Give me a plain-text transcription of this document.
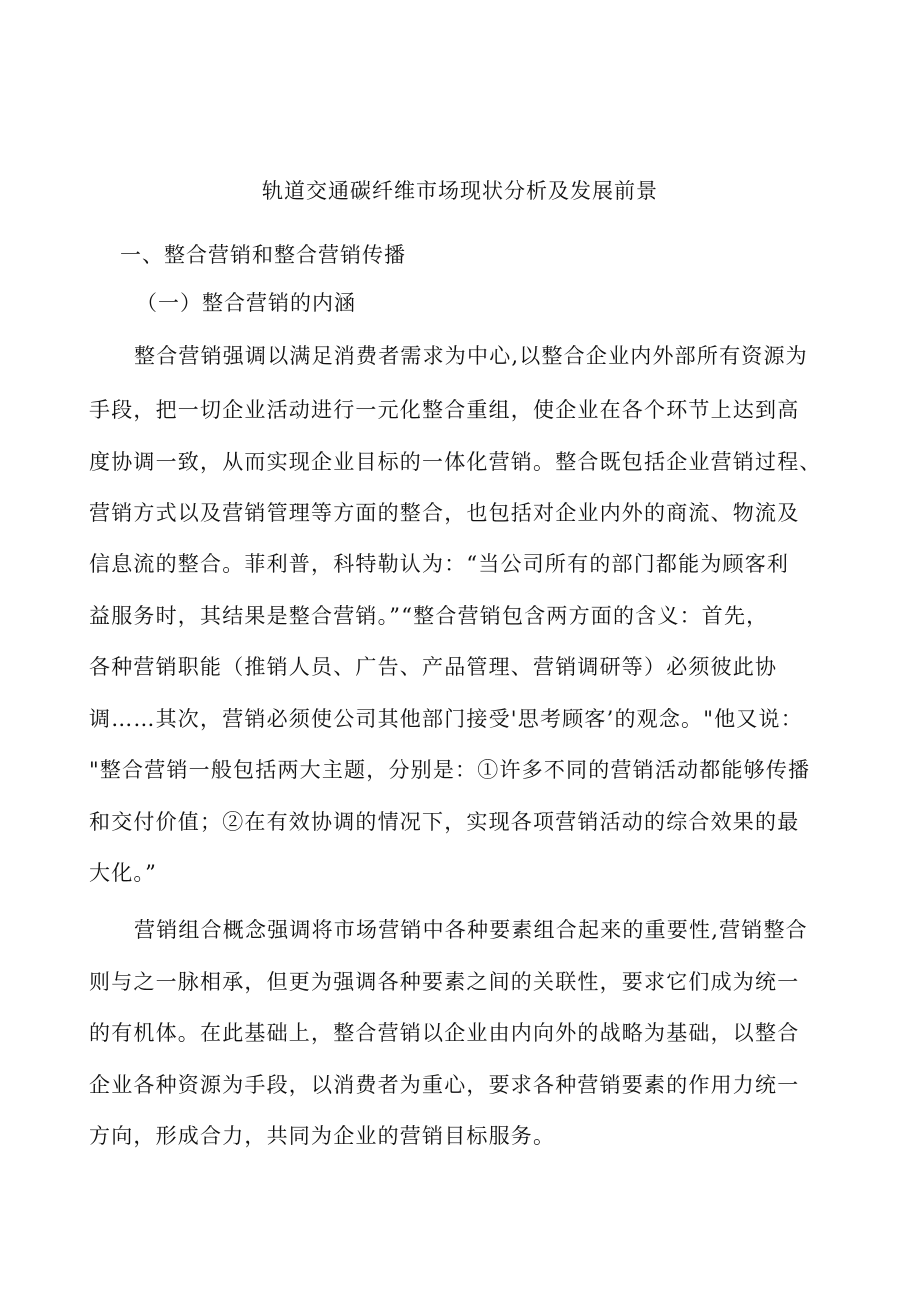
轨道交通碳纤维市场现状分析及发展前景
一、整合营销和整合营销传播
（一）整合营销的内涵
整合营销强调以满足消费者需求为中心,以整合企业内外部所有资源为
手段，把一切企业活动进行一元化整合重组，使企业在各个环节上达到高
度协调一致，从而实现企业目标的一体化营销。整合既包括企业营销过程、
营销方式以及营销管理等方面的整合，也包括对企业内外的商流、物流及
信息流的整合。菲利普，科特勒认为：“当公司所有的部门都能为顾客利
益服务时，其结果是整合营销。”“整合营销包含两方面的含义：首先，
各种营销职能（推销人员、广告、产品管理、营销调研等）必须彼此协
调……其次，营销必须使公司其他部门接受'思考顾客’的观念。"他又说：
"整合营销一般包括两大主题，分别是：①许多不同的营销活动都能够传播
和交付价值；②在有效协调的情况下，实现各项营销活动的综合效果的最
大化。”
营销组合概念强调将市场营销中各种要素组合起来的重要性,营销整合
则与之一脉相承，但更为强调各种要素之间的关联性，要求它们成为统一
的有机体。在此基础上，整合营销以企业由内向外的战略为基础，以整合
企业各种资源为手段，以消费者为重心，要求各种营销要素的作用力统一
方向，形成合力，共同为企业的营销目标服务。
